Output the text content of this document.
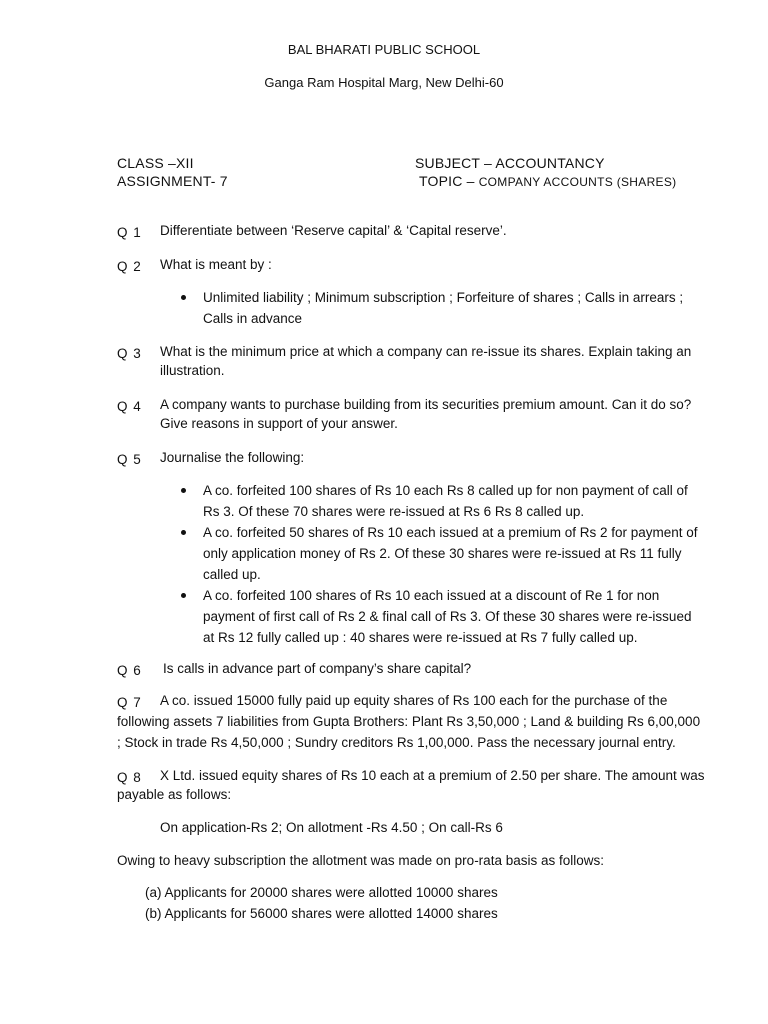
BAL BHARATI PUBLIC SCHOOL
Ganga Ram Hospital Marg, New Delhi-60
CLASS –XII
ASSIGNMENT- 7
SUBJECT – ACCOUNTANCY
TOPIC – COMPANY ACCOUNTS (SHARES)
Q 1 Differentiate between ‘Reserve capital’ & ‘Capital reserve’.
Q 2 What is meant by :
Unlimited liability ; Minimum subscription ; Forfeiture of shares ; Calls in arrears ;
Calls in advance
Q 3 What is the minimum price at which a company can re-issue its shares. Explain taking an
illustration.
Q 4 A company wants to purchase building from its securities premium amount. Can it do so?
Give reasons in support of your answer.
Q 5 Journalise the following:
A co. forfeited 100 shares of Rs 10 each Rs 8 called up for non payment of call of
Rs 3. Of these 70 shares were re-issued at Rs 6 Rs 8 called up.
A co. forfeited 50 shares of Rs 10 each issued at a premium of Rs 2 for payment of
only application money of Rs 2. Of these 30 shares were re-issued at Rs 11 fully
called up.
A co. forfeited 100 shares of Rs 10 each issued at a discount of Re 1 for non
payment of first call of Rs 2 & final call of Rs 3. Of these 30 shares were re-issued
at Rs 12 fully called up : 40 shares were re-issued at Rs 7 fully called up.
Q 6 Is calls in advance part of company’s share capital?
Q 7 A co. issued 15000 fully paid up equity shares of Rs 100 each for the purchase of the
following assets 7 liabilities from Gupta Brothers: Plant Rs 3,50,000 ; Land & building Rs 6,00,000
; Stock in trade Rs 4,50,000 ; Sundry creditors Rs 1,00,000. Pass the necessary journal entry.
Q 8 X Ltd. issued equity shares of Rs 10 each at a premium of 2.50 per share. The amount was
payable as follows:
On application-Rs 2; On allotment -Rs 4.50 ; On call-Rs 6
Owing to heavy subscription the allotment was made on pro-rata basis as follows:
(a) Applicants for 20000 shares were allotted 10000 shares
(b) Applicants for 56000 shares were allotted 14000 shares
